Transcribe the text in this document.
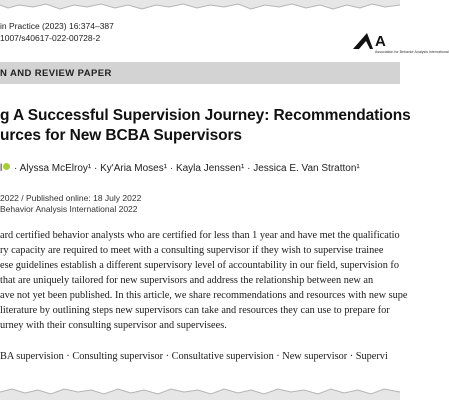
in Practice (2023) 16:374–387
1007/s40617-022-00728-2	A
Association for Behavior Analysis International
N AND REVIEW PAPER
g A Successful Supervision Journey: Recommendations
urces for New BCBA Supervisors
l · Alyssa McElroy¹ · Ky'Aria Moses¹ · Kayla Jenssen¹ · Jessica E. Van Stratton¹
2022 / Published online: 18 July 2022
Behavior Analysis International 2022
ard certified behavior analysts who are certified for less than 1 year and have met the qualificatio
ry capacity are required to meet with a consulting supervisor if they wish to supervise trainee
ese guidelines establish a different supervisory level of accountability in our field, supervision fo
that are uniquely tailored for new supervisors and address the relationship between new an
ave not yet been published. In this article, we share recommendations and resources with new supe
literature by outlining steps new supervisors can take and resources they can use to prepare for
urney with their consulting supervisor and supervisees.
BA supervision · Consulting supervisor · Consultative supervision · New supervisor · Supervi
